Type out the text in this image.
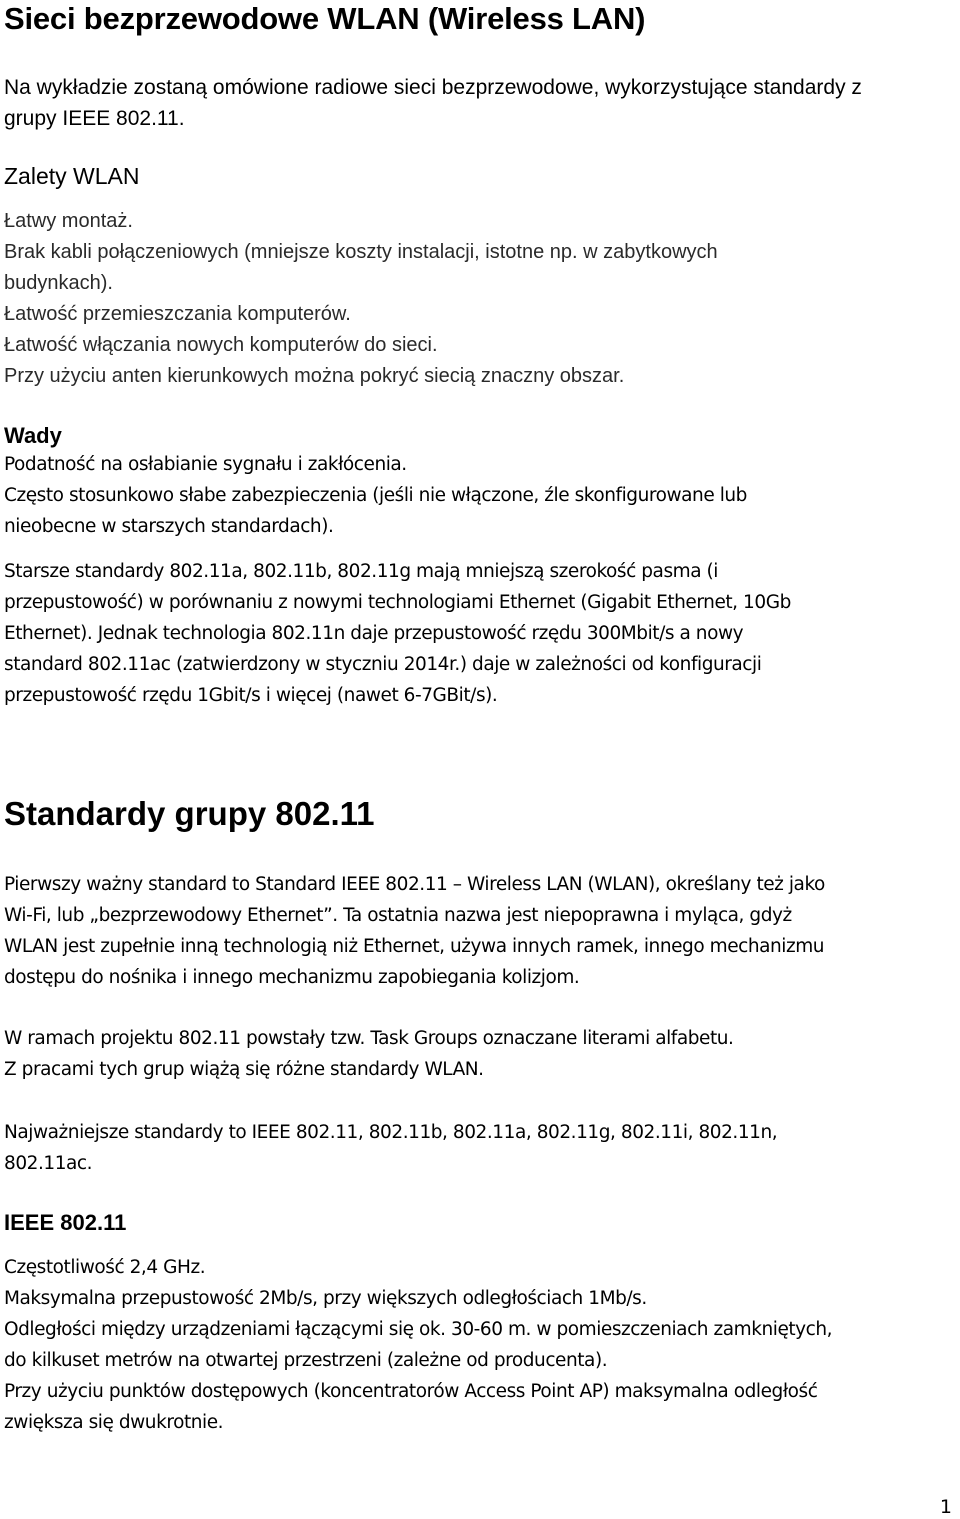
Sieci bezprzewodowe WLAN (Wireless LAN)
Na wykładzie zostaną omówione radiowe sieci bezprzewodowe, wykorzystujące standardy z
grupy IEEE 802.11.
Zalety WLAN
Łatwy montaż.
Brak kabli połączeniowych (mniejsze koszty instalacji, istotne np. w zabytkowych
budynkach).
Łatwość przemieszczania komputerów.
Łatwość włączania nowych komputerów do sieci.
Przy użyciu anten kierunkowych można pokryć siecią znaczny obszar.
Wady
Podatność na osłabianie sygnału i zakłócenia.
Często stosunkowo słabe zabezpieczenia (jeśli nie włączone, źle skonfigurowane lub
nieobecne w starszych standardach).
Starsze standardy 802.11a, 802.11b, 802.11g mają mniejszą szerokość pasma (i
przepustowość) w porównaniu z nowymi technologiami Ethernet (Gigabit Ethernet, 10Gb
Ethernet). Jednak technologia 802.11n daje przepustowość rzędu 300Mbit/s a nowy
standard 802.11ac (zatwierdzony w styczniu 2014r.) daje w zależności od konfiguracji
przepustowość rzędu 1Gbit/s i więcej (nawet 6-7GBit/s).
Standardy grupy 802.11
Pierwszy ważny standard to Standard IEEE 802.11 – Wireless LAN (WLAN), określany też jako
Wi-Fi, lub „bezprzewodowy Ethernet”. Ta ostatnia nazwa jest niepoprawna i myląca, gdyż
WLAN jest zupełnie inną technologią niż Ethernet, używa innych ramek, innego mechanizmu
dostępu do nośnika i innego mechanizmu zapobiegania kolizjom.
W ramach projektu 802.11 powstały tzw. Task Groups oznaczane literami alfabetu.
Z pracami tych grup wiążą się różne standardy WLAN.
Najważniejsze standardy to IEEE 802.11, 802.11b, 802.11a, 802.11g, 802.11i, 802.11n,
802.11ac.
IEEE 802.11
Częstotliwość 2,4 GHz.
Maksymalna przepustowość 2Mb/s, przy większych odległościach 1Mb/s.
Odległości między urządzeniami łączącymi się ok. 30-60 m. w pomieszczeniach zamkniętych,
do kilkuset metrów na otwartej przestrzeni (zależne od producenta).
Przy użyciu punktów dostępowych (koncentratorów Access Point AP) maksymalna odległość
zwiększa się dwukrotnie.
1
